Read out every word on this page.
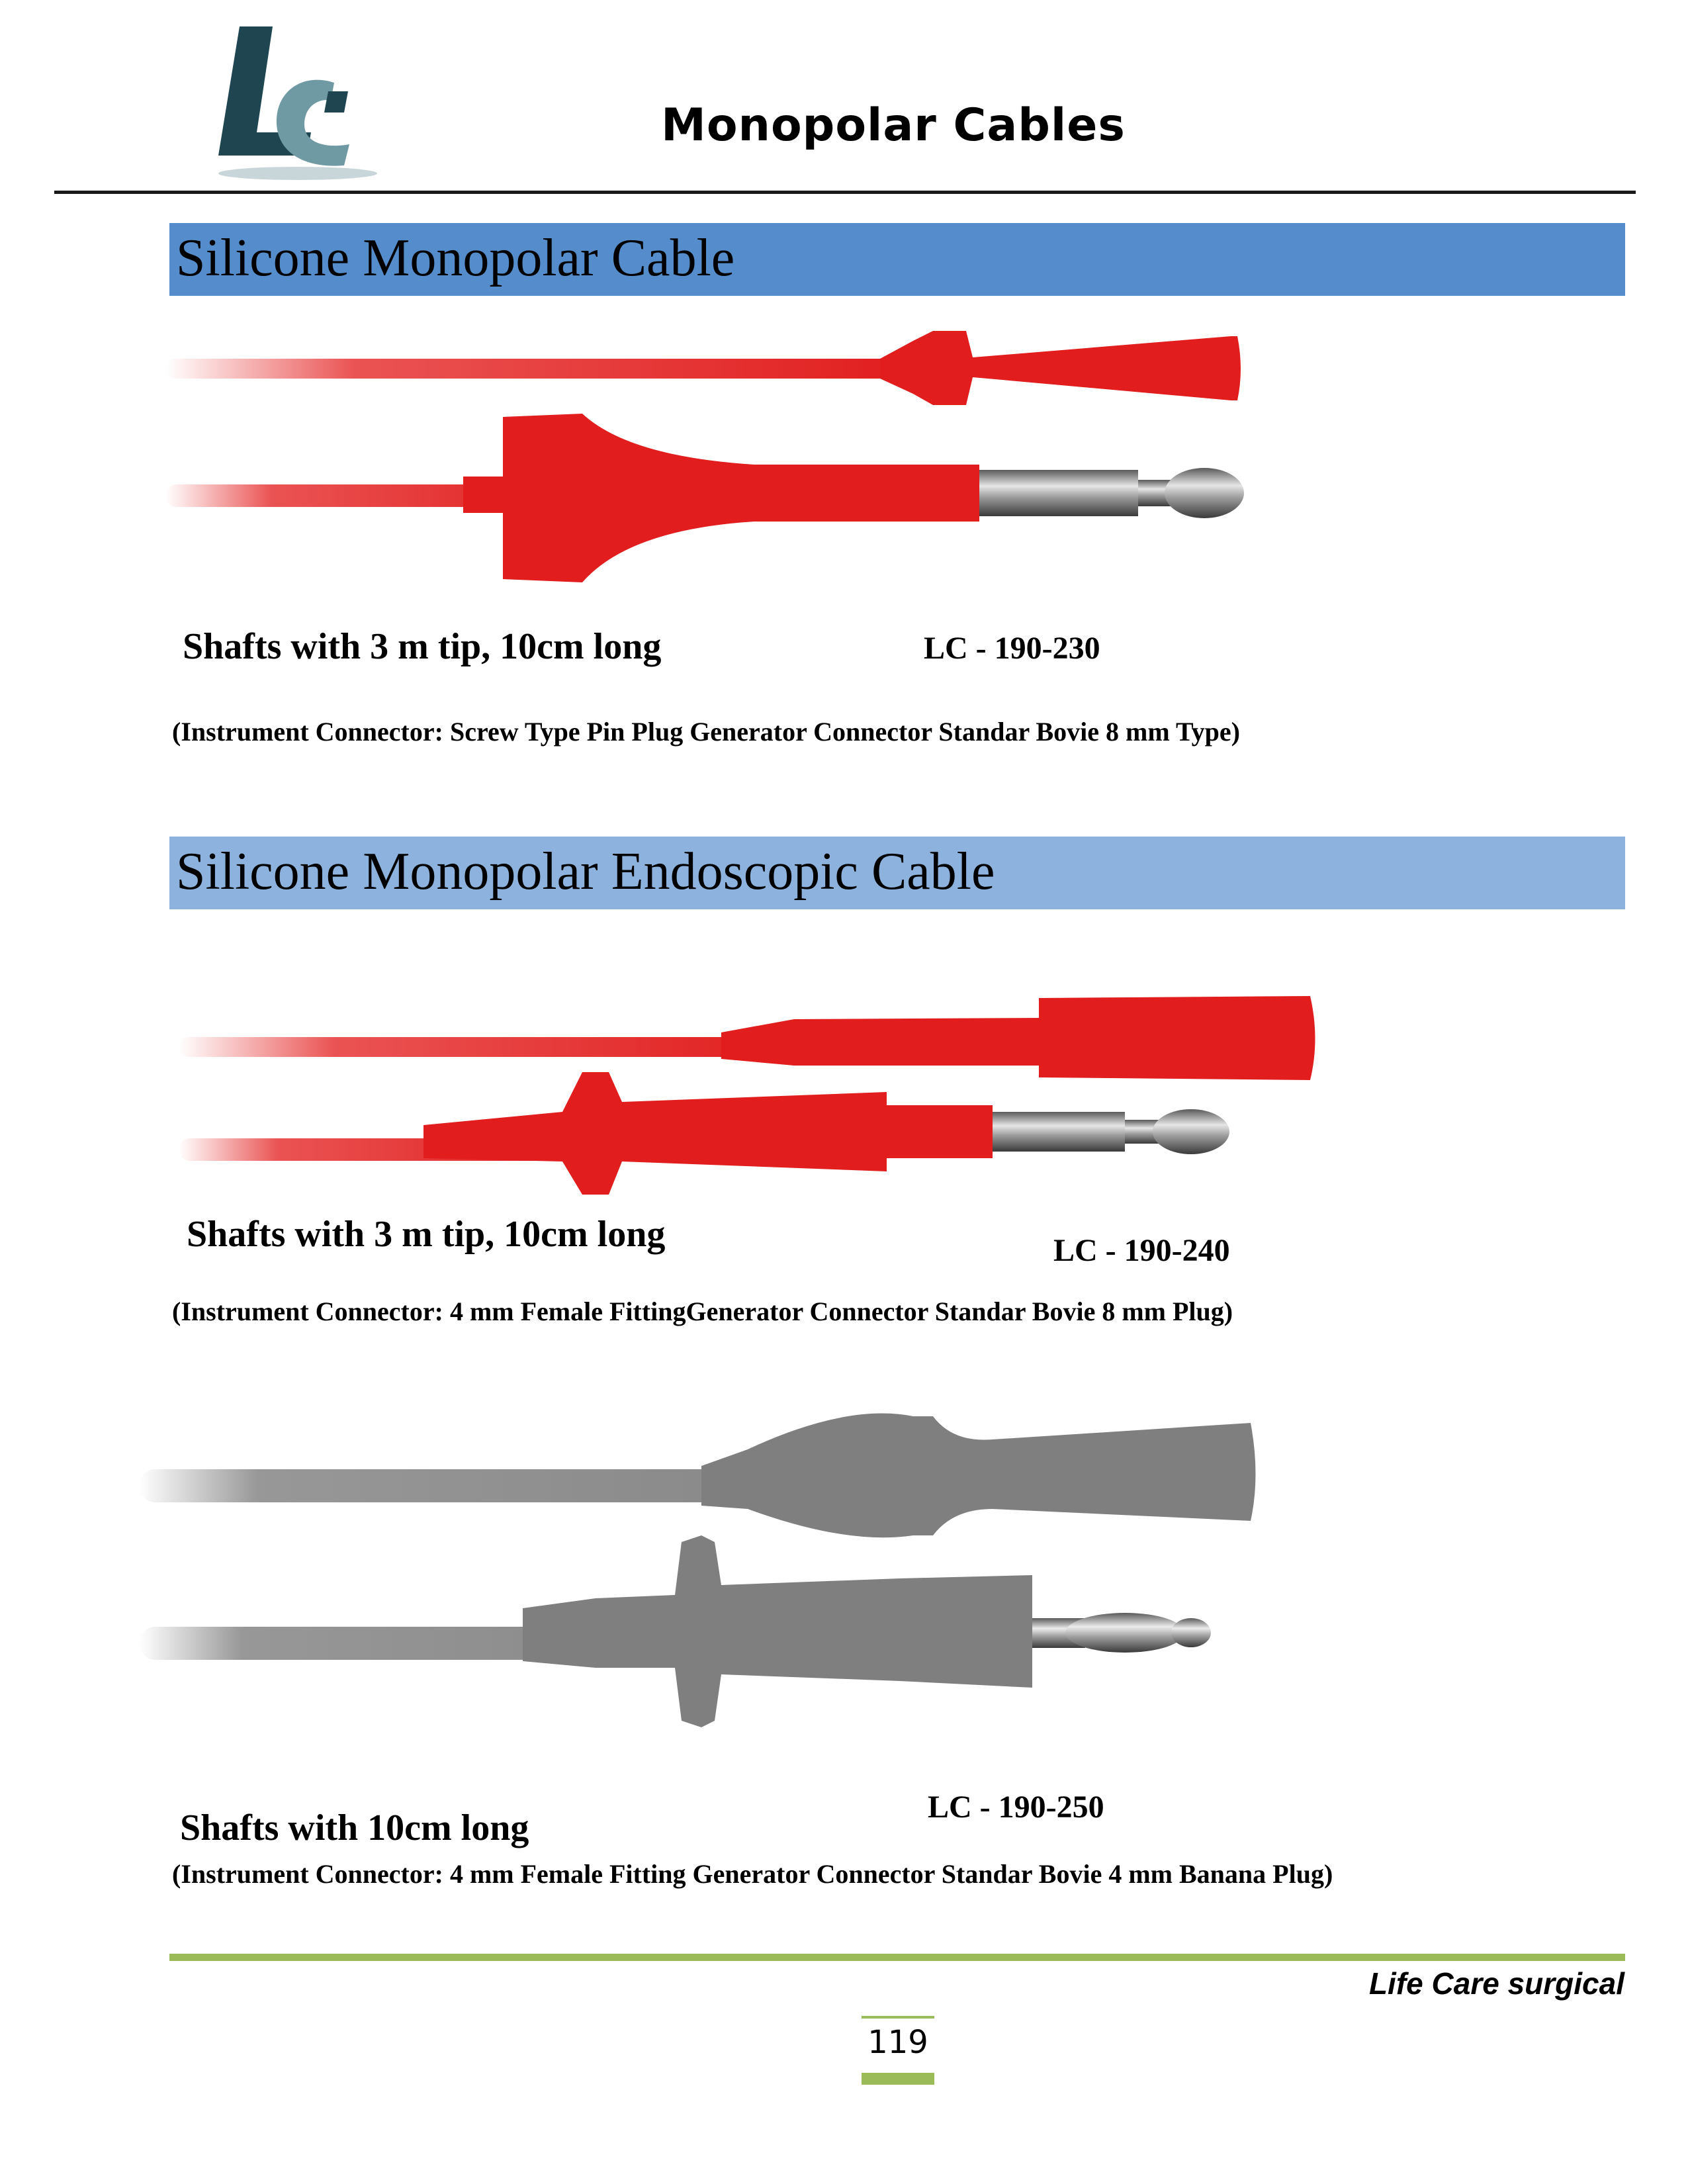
Monopolar Cables
Silicone Monopolar Cable
Shafts with 3 m tip, 10cm long	LC - 190-230
(Instrument Connector: Screw Type Pin Plug Generator Connector Standar Bovie 8 mm Type)
Silicone Monopolar Endoscopic Cable
Shafts with 3 m tip, 10cm long	LC - 190-240
(Instrument Connector: 4 mm Female FittingGenerator Connector Standar Bovie 8 mm Plug)
Shafts with 10cm long
LC - 190-250
(Instrument Connector: 4 mm Female Fitting Generator Connector Standar Bovie 4 mm Banana Plug)
Life Care surgical
119
